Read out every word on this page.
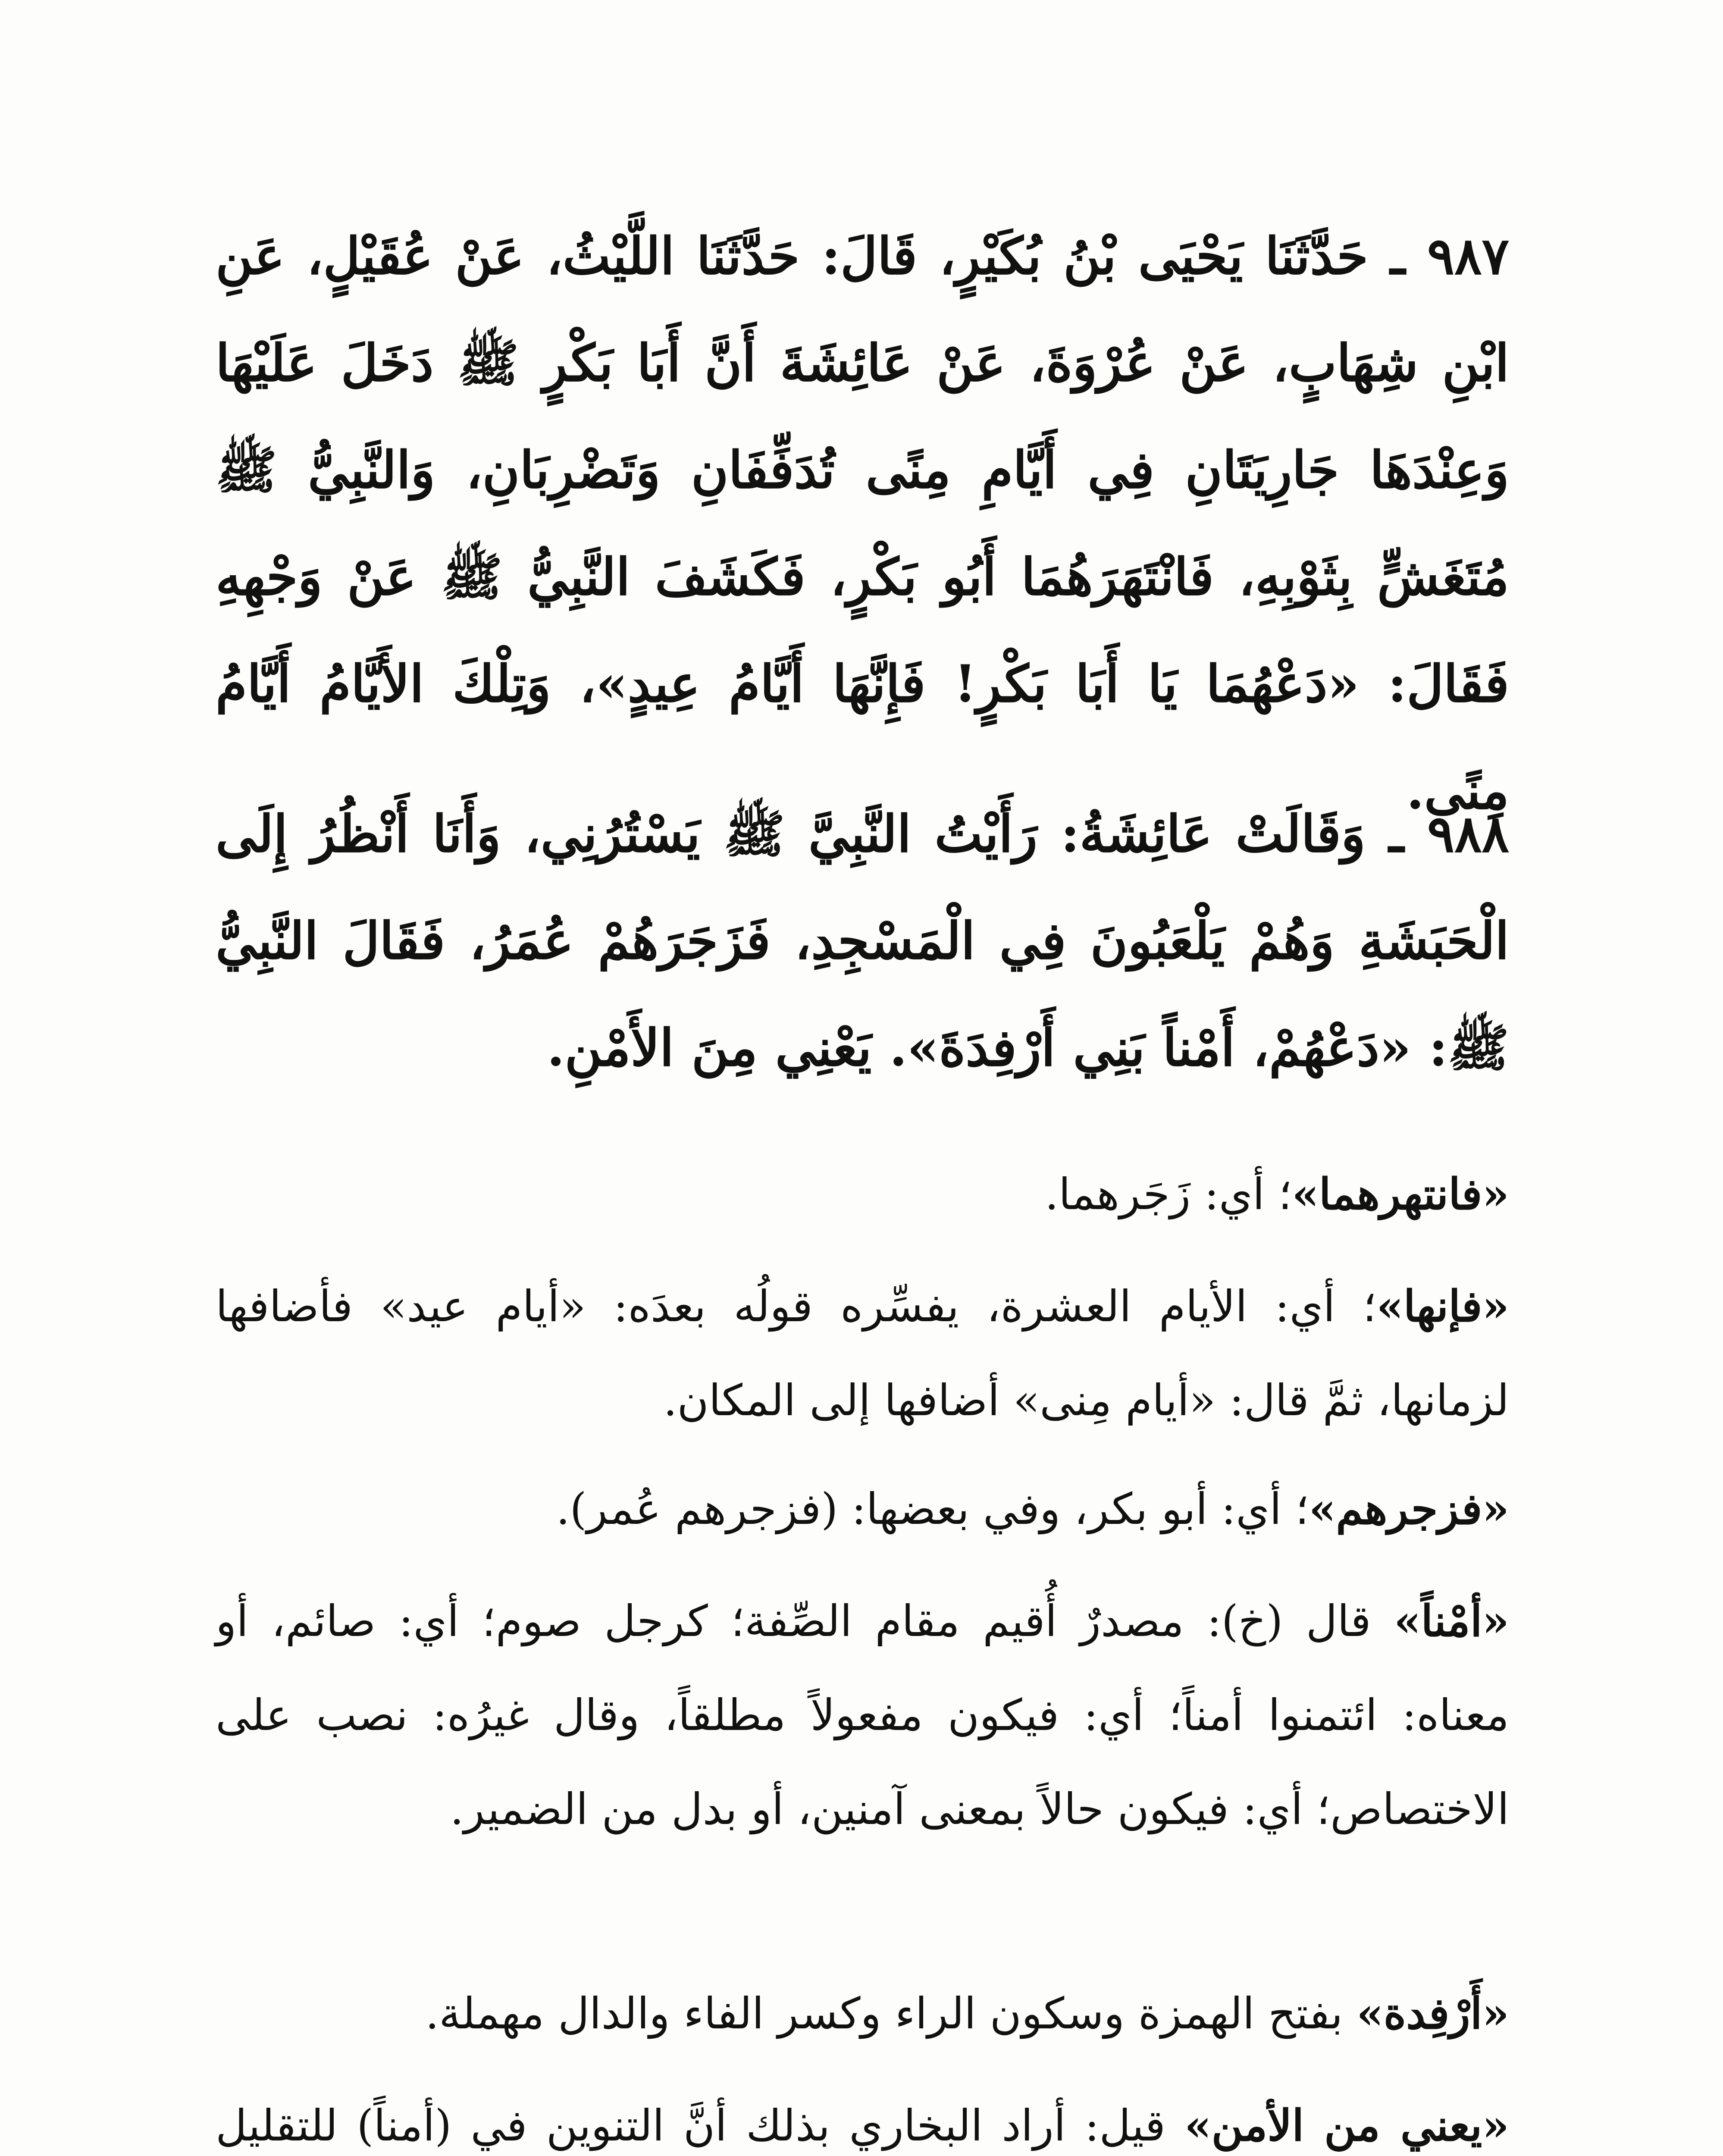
٩٨٧ ـ حَدَّثَنَا يَحْيَى بْنُ بُكَيْرٍ، قَالَ: حَدَّثَنَا اللَّيْثُ، عَنْ عُقَيْلٍ، عَنِ ابْنِ شِهَابٍ، عَنْ عُرْوَةَ، عَنْ عَائِشَةَ أَنَّ أَبَا بَكْرٍ ﷺ دَخَلَ عَلَيْهَا وَعِنْدَهَا جَارِيَتَانِ فِي أَيَّامِ مِنًى تُدَفِّفَانِ وَتَضْرِبَانِ، وَالنَّبِيُّ ﷺ مُتَغَشٍّ بِثَوْبِهِ، فَانْتَهَرَهُمَا أَبُو بَكْرٍ، فَكَشَفَ النَّبِيُّ ﷺ عَنْ وَجْهِهِ فَقَالَ: «دَعْهُمَا يَا أَبَا بَكْرٍ! فَإِنَّهَا أَيَّامُ عِيدٍ»، وَتِلْكَ الأَيَّامُ أَيَّامُ مِنًى.

٩٨٨ ـ وَقَالَتْ عَائِشَةُ: رَأَيْتُ النَّبِيَّ ﷺ يَسْتُرُنِي، وَأَنَا أَنْظُرُ إِلَى الْحَبَشَةِ وَهُمْ يَلْعَبُونَ فِي الْمَسْجِدِ، فَزَجَرَهُمْ عُمَرُ، فَقَالَ النَّبِيُّ ﷺ: «دَعْهُمْ، أَمْناً بَنِي أَرْفِدَةَ». يَعْنِي مِنَ الأَمْنِ.

«فانتهرهما»؛ أي: زَجَرهما.

«فإنها»؛ أي: الأيام العشرة، يفسِّره قولُه بعدَه: «أيام عيد» فأضافها لزمانها، ثمَّ قال: «أيام مِنى» أضافها إلى المكان.

«فزجرهم»؛ أي: أبو بكر، وفي بعضها: (فزجرهم عُمر).

«أمْناً» قال (خ): مصدرٌ أُقيم مقام الصِّفة؛ كرجل صوم؛ أي: صائم، أو معناه: ائتمنوا أمناً؛ أي: فيكون مفعولاً مطلقاً، وقال غيرُه: نصب على الاختصاص؛ أي: فيكون حالاً بمعنى آمنين، أو بدل من الضمير.

«أَرْفِدة» بفتح الهمزة وسكون الراء وكسر الفاء والدال مهملة.

«يعني من الأمن» قيل: أراد البخاري بذلك أنَّ التنوين في (أمناً) للتقليل
